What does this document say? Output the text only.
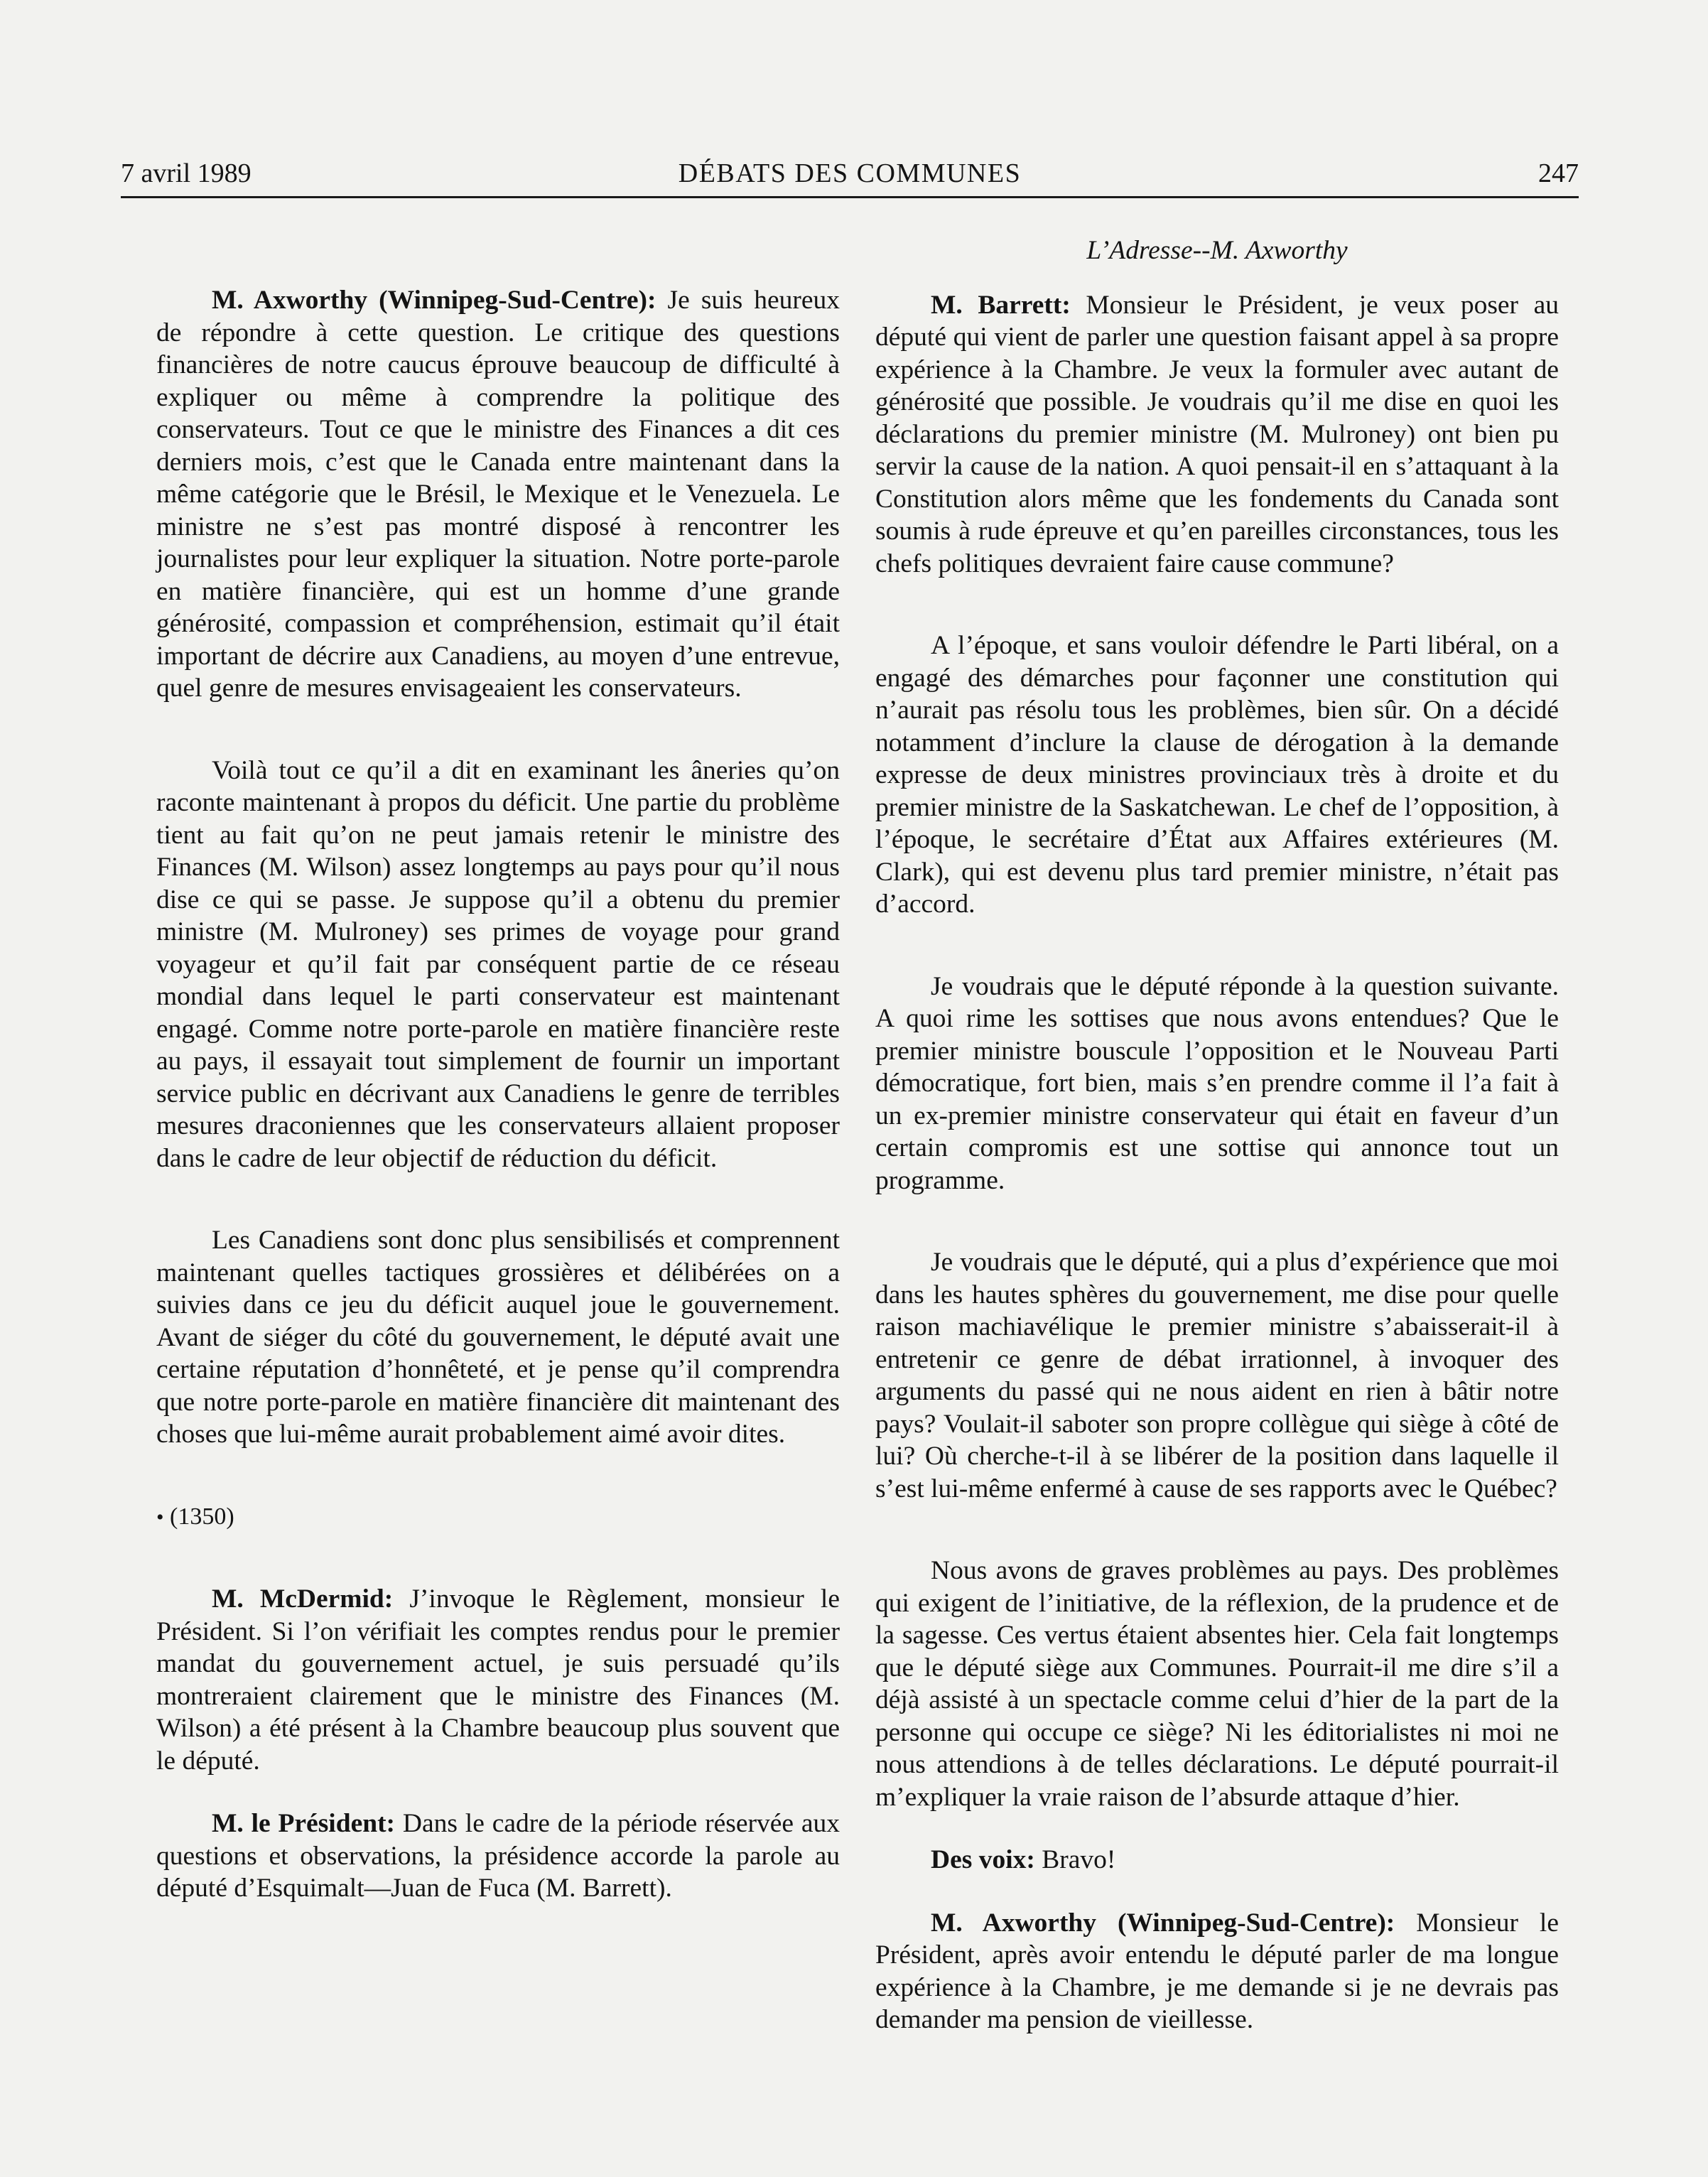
7 avril 1989	DÉBATS DES COMMUNES	247

M. Axworthy (Winnipeg-Sud-Centre): Je suis heureux de répondre à cette question. Le critique des questions financières de notre caucus éprouve beaucoup de difficulté à expliquer ou même à comprendre la politique des conservateurs. Tout ce que le ministre des Finances a dit ces derniers mois, c’est que le Canada entre maintenant dans la même catégorie que le Brésil, le Mexique et le Venezuela. Le ministre ne s’est pas montré disposé à rencontrer les journalistes pour leur expliquer la situation. Notre porte-parole en matière financière, qui est un homme d’une grande générosité, compassion et compréhension, estimait qu’il était important de décrire aux Canadiens, au moyen d’une entrevue, quel genre de mesures envisageaient les conservateurs.

Voilà tout ce qu’il a dit en examinant les âneries qu’on raconte maintenant à propos du déficit. Une partie du problème tient au fait qu’on ne peut jamais retenir le ministre des Finances (M. Wilson) assez longtemps au pays pour qu’il nous dise ce qui se passe. Je suppose qu’il a obtenu du premier ministre (M. Mulroney) ses primes de voyage pour grand voyageur et qu’il fait par conséquent partie de ce réseau mondial dans lequel le parti conservateur est maintenant engagé. Comme notre porte-parole en matière financière reste au pays, il essayait tout simplement de fournir un important service public en décrivant aux Canadiens le genre de terribles mesures draconiennes que les conservateurs allaient proposer dans le cadre de leur objectif de réduction du déficit.

Les Canadiens sont donc plus sensibilisés et comprennent maintenant quelles tactiques grossières et délibérées on a suivies dans ce jeu du déficit auquel joue le gouvernement. Avant de siéger du côté du gouvernement, le député avait une certaine réputation d’honnêteté, et je pense qu’il comprendra que notre porte-parole en matière financière dit maintenant des choses que lui-même aurait probablement aimé avoir dites.

• (1350)

M. McDermid: J’invoque le Règlement, monsieur le Président. Si l’on vérifiait les comptes rendus pour le premier mandat du gouvernement actuel, je suis persuadé qu’ils montreraient clairement que le ministre des Finances (M. Wilson) a été présent à la Chambre beaucoup plus souvent que le député.

M. le Président: Dans le cadre de la période réservée aux questions et observations, la présidence accorde la parole au député d’Esquimalt—Juan de Fuca (M. Barrett).

L’Adresse--M. Axworthy

M. Barrett: Monsieur le Président, je veux poser au député qui vient de parler une question faisant appel à sa propre expérience à la Chambre. Je veux la formuler avec autant de générosité que possible. Je voudrais qu’il me dise en quoi les déclarations du premier ministre (M. Mulroney) ont bien pu servir la cause de la nation. A quoi pensait-il en s’attaquant à la Constitution alors même que les fondements du Canada sont soumis à rude épreuve et qu’en pareilles circonstances, tous les chefs politiques devraient faire cause commune?

A l’époque, et sans vouloir défendre le Parti libéral, on a engagé des démarches pour façonner une constitution qui n’aurait pas résolu tous les problèmes, bien sûr. On a décidé notamment d’inclure la clause de dérogation à la demande expresse de deux ministres provinciaux très à droite et du premier ministre de la Saskatchewan. Le chef de l’opposition, à l’époque, le secrétaire d’État aux Affaires extérieures (M. Clark), qui est devenu plus tard premier ministre, n’était pas d’accord.

Je voudrais que le député réponde à la question suivante. A quoi rime les sottises que nous avons entendues? Que le premier ministre bouscule l’opposition et le Nouveau Parti démocratique, fort bien, mais s’en prendre comme il l’a fait à un ex-premier ministre conservateur qui était en faveur d’un certain compromis est une sottise qui annonce tout un programme.

Je voudrais que le député, qui a plus d’expérience que moi dans les hautes sphères du gouvernement, me dise pour quelle raison machiavélique le premier ministre s’abaisserait-il à entretenir ce genre de débat irrationnel, à invoquer des arguments du passé qui ne nous aident en rien à bâtir notre pays? Voulait-il saboter son propre collègue qui siège à côté de lui? Où cherche-t-il à se libérer de la position dans laquelle il s’est lui-même enfermé à cause de ses rapports avec le Québec?

Nous avons de graves problèmes au pays. Des problèmes qui exigent de l’initiative, de la réflexion, de la prudence et de la sagesse. Ces vertus étaient absentes hier. Cela fait longtemps que le député siège aux Communes. Pourrait-il me dire s’il a déjà assisté à un spectacle comme celui d’hier de la part de la personne qui occupe ce siège? Ni les éditorialistes ni moi ne nous attendions à de telles déclarations. Le député pourrait-il m’expliquer la vraie raison de l’absurde attaque d’hier.

Des voix: Bravo!

M. Axworthy (Winnipeg-Sud-Centre): Monsieur le Président, après avoir entendu le député parler de ma longue expérience à la Chambre, je me demande si je ne devrais pas demander ma pension de vieillesse.
